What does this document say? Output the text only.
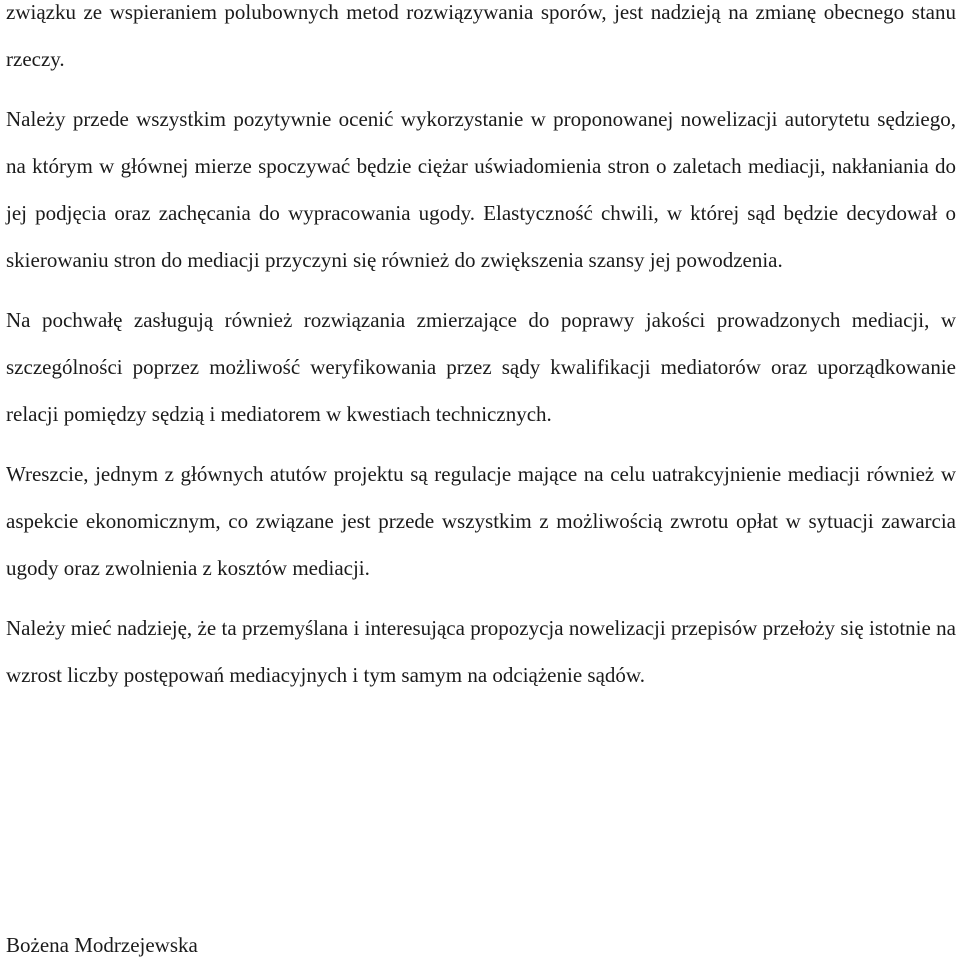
związku ze wspieraniem polubownych metod rozwiązywania sporów, jest nadzieją na zmianę obecnego stanu rzeczy.

Należy przede wszystkim pozytywnie ocenić wykorzystanie w proponowanej nowelizacji autorytetu sędziego, na którym w głównej mierze spoczywać będzie ciężar uświadomienia stron o zaletach mediacji, nakłaniania do jej podjęcia oraz zachęcania do wypracowania ugody. Elastyczność chwili, w której sąd będzie decydował o skierowaniu stron do mediacji przyczyni się również do zwiększenia szansy jej powodzenia.

Na pochwałę zasługują również rozwiązania zmierzające do poprawy jakości prowadzonych mediacji, w szczególności poprzez możliwość weryfikowania przez sądy kwalifikacji mediatorów oraz uporządkowanie relacji pomiędzy sędzią i mediatorem w kwestiach technicznych.

Wreszcie, jednym z głównych atutów projektu są regulacje mające na celu uatrakcyjnienie mediacji również w aspekcie ekonomicznym, co związane jest przede wszystkim z możliwością zwrotu opłat w sytuacji zawarcia ugody oraz zwolnienia z kosztów mediacji.

Należy mieć nadzieję, że ta przemyślana i interesująca propozycja nowelizacji przepisów przełoży się istotnie na wzrost liczby postępowań mediacyjnych i tym samym na odciążenie sądów.

Bożena Modrzejewska
